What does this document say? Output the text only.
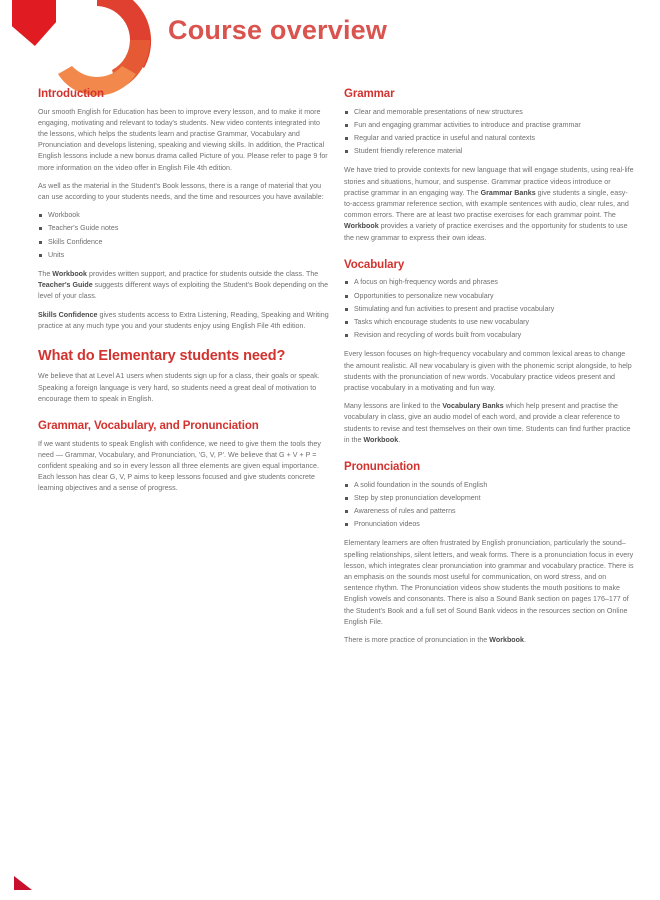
Course overview
Introduction

Our smooth English for Education has been to improve every lesson, and to make it more engaging, motivating and relevant to today's students. New video contents integrated into the lessons, which helps the students learn and practise Grammar, Vocabulary and Pronunciation and develops listening, speaking and viewing skills. In addition, the Practical English lessons include a new bonus drama called Picture of you. Please refer to page 9 for more information on the video offer in English File 4th edition.

As well as the material in the Student's Book lessons, there is a range of material that you can use according to your students needs, and the time and resources you have available:

Workbook
Teacher's Guide notes
Skills Confidence
Units

The Workbook provides written support, and practice for students outside the class. The Teacher's Guide suggests different ways of exploiting the Student's Book depending on the level of your class.

Skills Confidence gives students access to Extra Listening, Reading, Speaking and Writing practice at any much type you and your students enjoy using English File 4th edition.

What do Elementary students need?

We believe that at Level A1 users when students sign up for a class, their goals or speak. Speaking a foreign language is very hard, so students need a great deal of motivation to encourage them to speak in English.

Grammar, Vocabulary, and Pronunciation

If we want students to speak English with confidence, we need to give them the tools they need — Grammar, Vocabulary, and Pronunciation, 'G, V, P'. We believe that G + V + P = confident speaking and so in every lesson all three elements are given equal importance. Each lesson has clear G, V, P aims to keep lessons focused and give students concrete learning objectives and a sense of progress.

Grammar
Clear and memorable presentations of new structures
Fun and engaging grammar activities to introduce and practise grammar
Regular and varied practice in useful and natural contexts
Student friendly reference material

We have tried to provide contexts for new language that will engage students, using real-life stories and situations, humour, and suspense. Grammar practice videos introduce or practise grammar in an engaging way. The Grammar Banks give students a single, easy-to-access grammar reference section, with example sentences with audio, clear rules, and common errors. There are at least two practise exercises for each grammar point. The Workbook provides a variety of practice exercises and the opportunity for students to use the new grammar to express their own ideas.

Vocabulary
A focus on high-frequency words and phrases
Opportunities to personalize new vocabulary
Stimulating and fun activities to present and practise vocabulary
Tasks which encourage students to use new vocabulary
Revision and recycling of words built from vocabulary

Every lesson focuses on high-frequency vocabulary and common lexical areas to change the amount realistic. All new vocabulary is given with the phonemic script alongside, to help students with the pronunciation of new words. Vocabulary practice videos present and practise vocabulary in a motivating and fun way.

Many lessons are linked to the Vocabulary Banks which help present and practise the vocabulary in class, give an audio model of each word, and provide a clear reference to students to revise and test themselves on their own time. Students can find further practice in the Workbook.

Pronunciation
A solid foundation in the sounds of English
Step by step pronunciation development
Awareness of rules and patterns
Pronunciation videos

Elementary learners are often frustrated by English pronunciation, particularly the sound–spelling relationships, silent letters, and weak forms. There is a pronunciation focus in every lesson, which integrates clear pronunciation into grammar and vocabulary practice. There is an emphasis on the sounds most useful for communication, on word stress, and on sentence rhythm. The Pronunciation videos show students the mouth positions to make English vowels and consonants. There is also a Sound Bank section on pages 176–177 of the Student's Book and a full set of Sound Bank videos in the resources section on Online English File.

There is more practice of pronunciation in the Workbook.
